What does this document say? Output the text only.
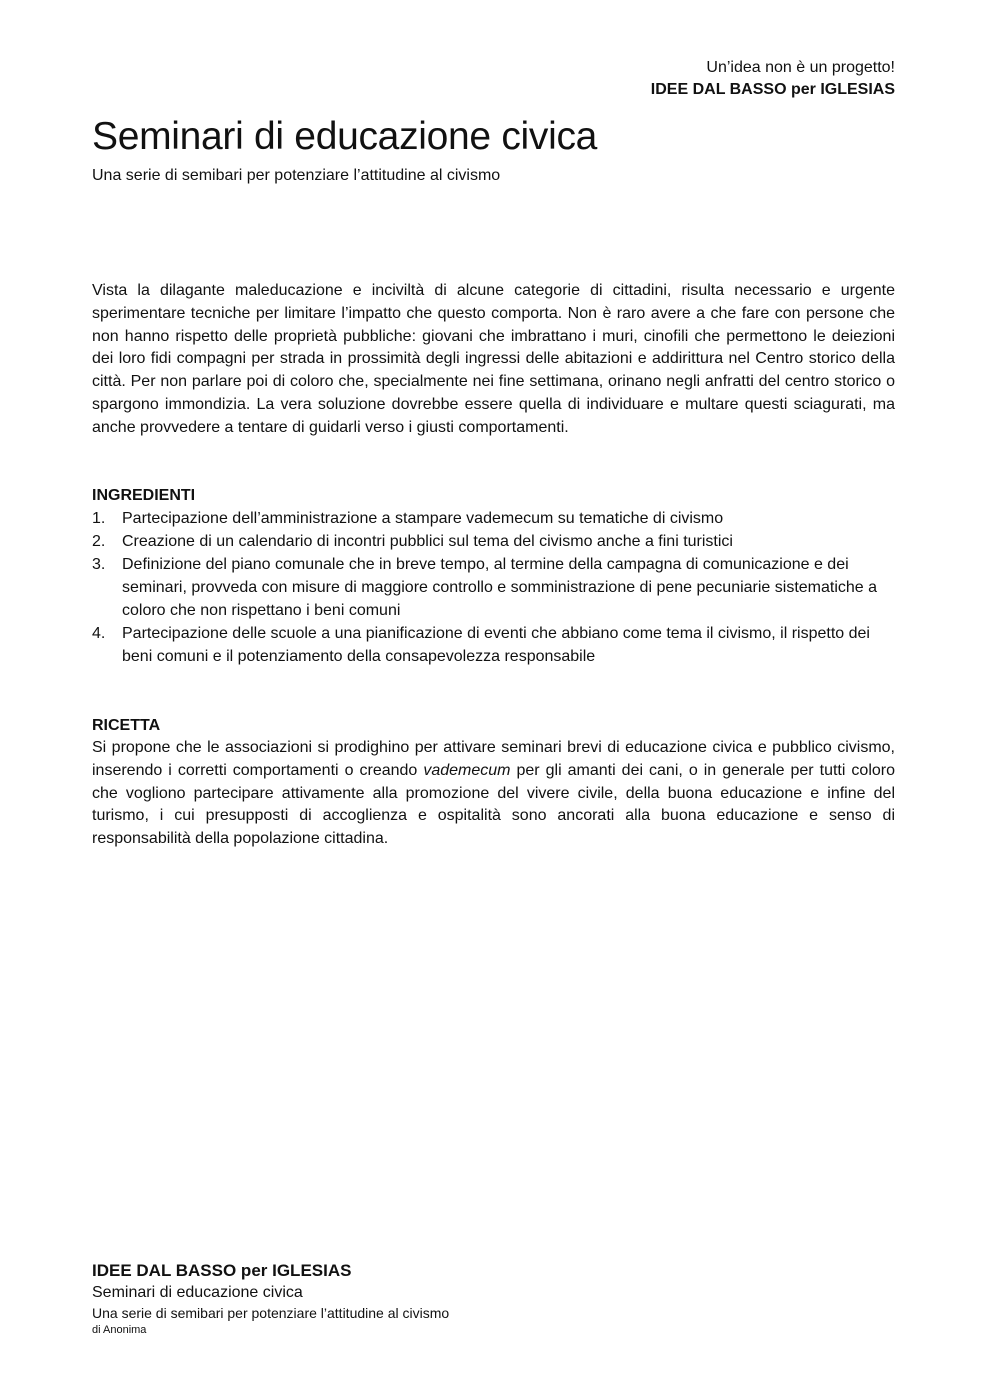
Un’idea non è un progetto!
IDEE DAL BASSO per IGLESIAS
Seminari di educazione civica
Una serie di semibari per potenziare l’attitudine al civismo

Vista la dilagante maleducazione e inciviltà di alcune categorie di cittadini, risulta necessario e urgente sperimentare tecniche per limitare l’impatto che questo comporta. Non è raro avere a che fare con persone che non hanno rispetto delle proprietà pubbliche: giovani che imbrattano i muri, cinofili che permettono le deiezioni dei loro fidi compagni per strada in prossimità degli ingressi delle abitazioni e addirittura nel Centro storico della città. Per non parlare poi di coloro che, specialmente nei fine settimana, orinano negli anfratti del centro storico o spargono immondizia. La vera soluzione dovrebbe essere quella di individuare e multare questi sciagurati, ma anche provvedere a tentare di guidarli verso i giusti comportamenti.

INGREDIENTI
1. Partecipazione dell’amministrazione a stampare vademecum su tematiche di civismo
2. Creazione di un calendario di incontri pubblici sul tema del civismo anche a fini turistici
3. Definizione del piano comunale che in breve tempo, al termine della campagna di comunicazione e dei seminari, provveda con misure di maggiore controllo e somministrazione di pene pecuniarie sistematiche a coloro che non rispettano i beni comuni
4. Partecipazione delle scuole a una pianificazione di eventi che abbiano come tema il civismo, il rispetto dei beni comuni e il potenziamento della consapevolezza responsabile
RICETTA

Si propone che le associazioni si prodighino per attivare seminari brevi di educazione civica e pubblico civismo, inserendo i corretti comportamenti o creando vademecum per gli amanti dei cani, o in generale per tutti coloro che vogliono partecipare attivamente alla promozione del vivere civile, della buona educazione e infine del turismo, i cui presupposti di accoglienza e ospitalità sono ancorati alla buona educazione e senso di responsabilità della popolazione cittadina.

IDEE DAL BASSO per IGLESIAS
Seminari di educazione civica
Una serie di semibari per potenziare l’attitudine al civismo
di Anonima
